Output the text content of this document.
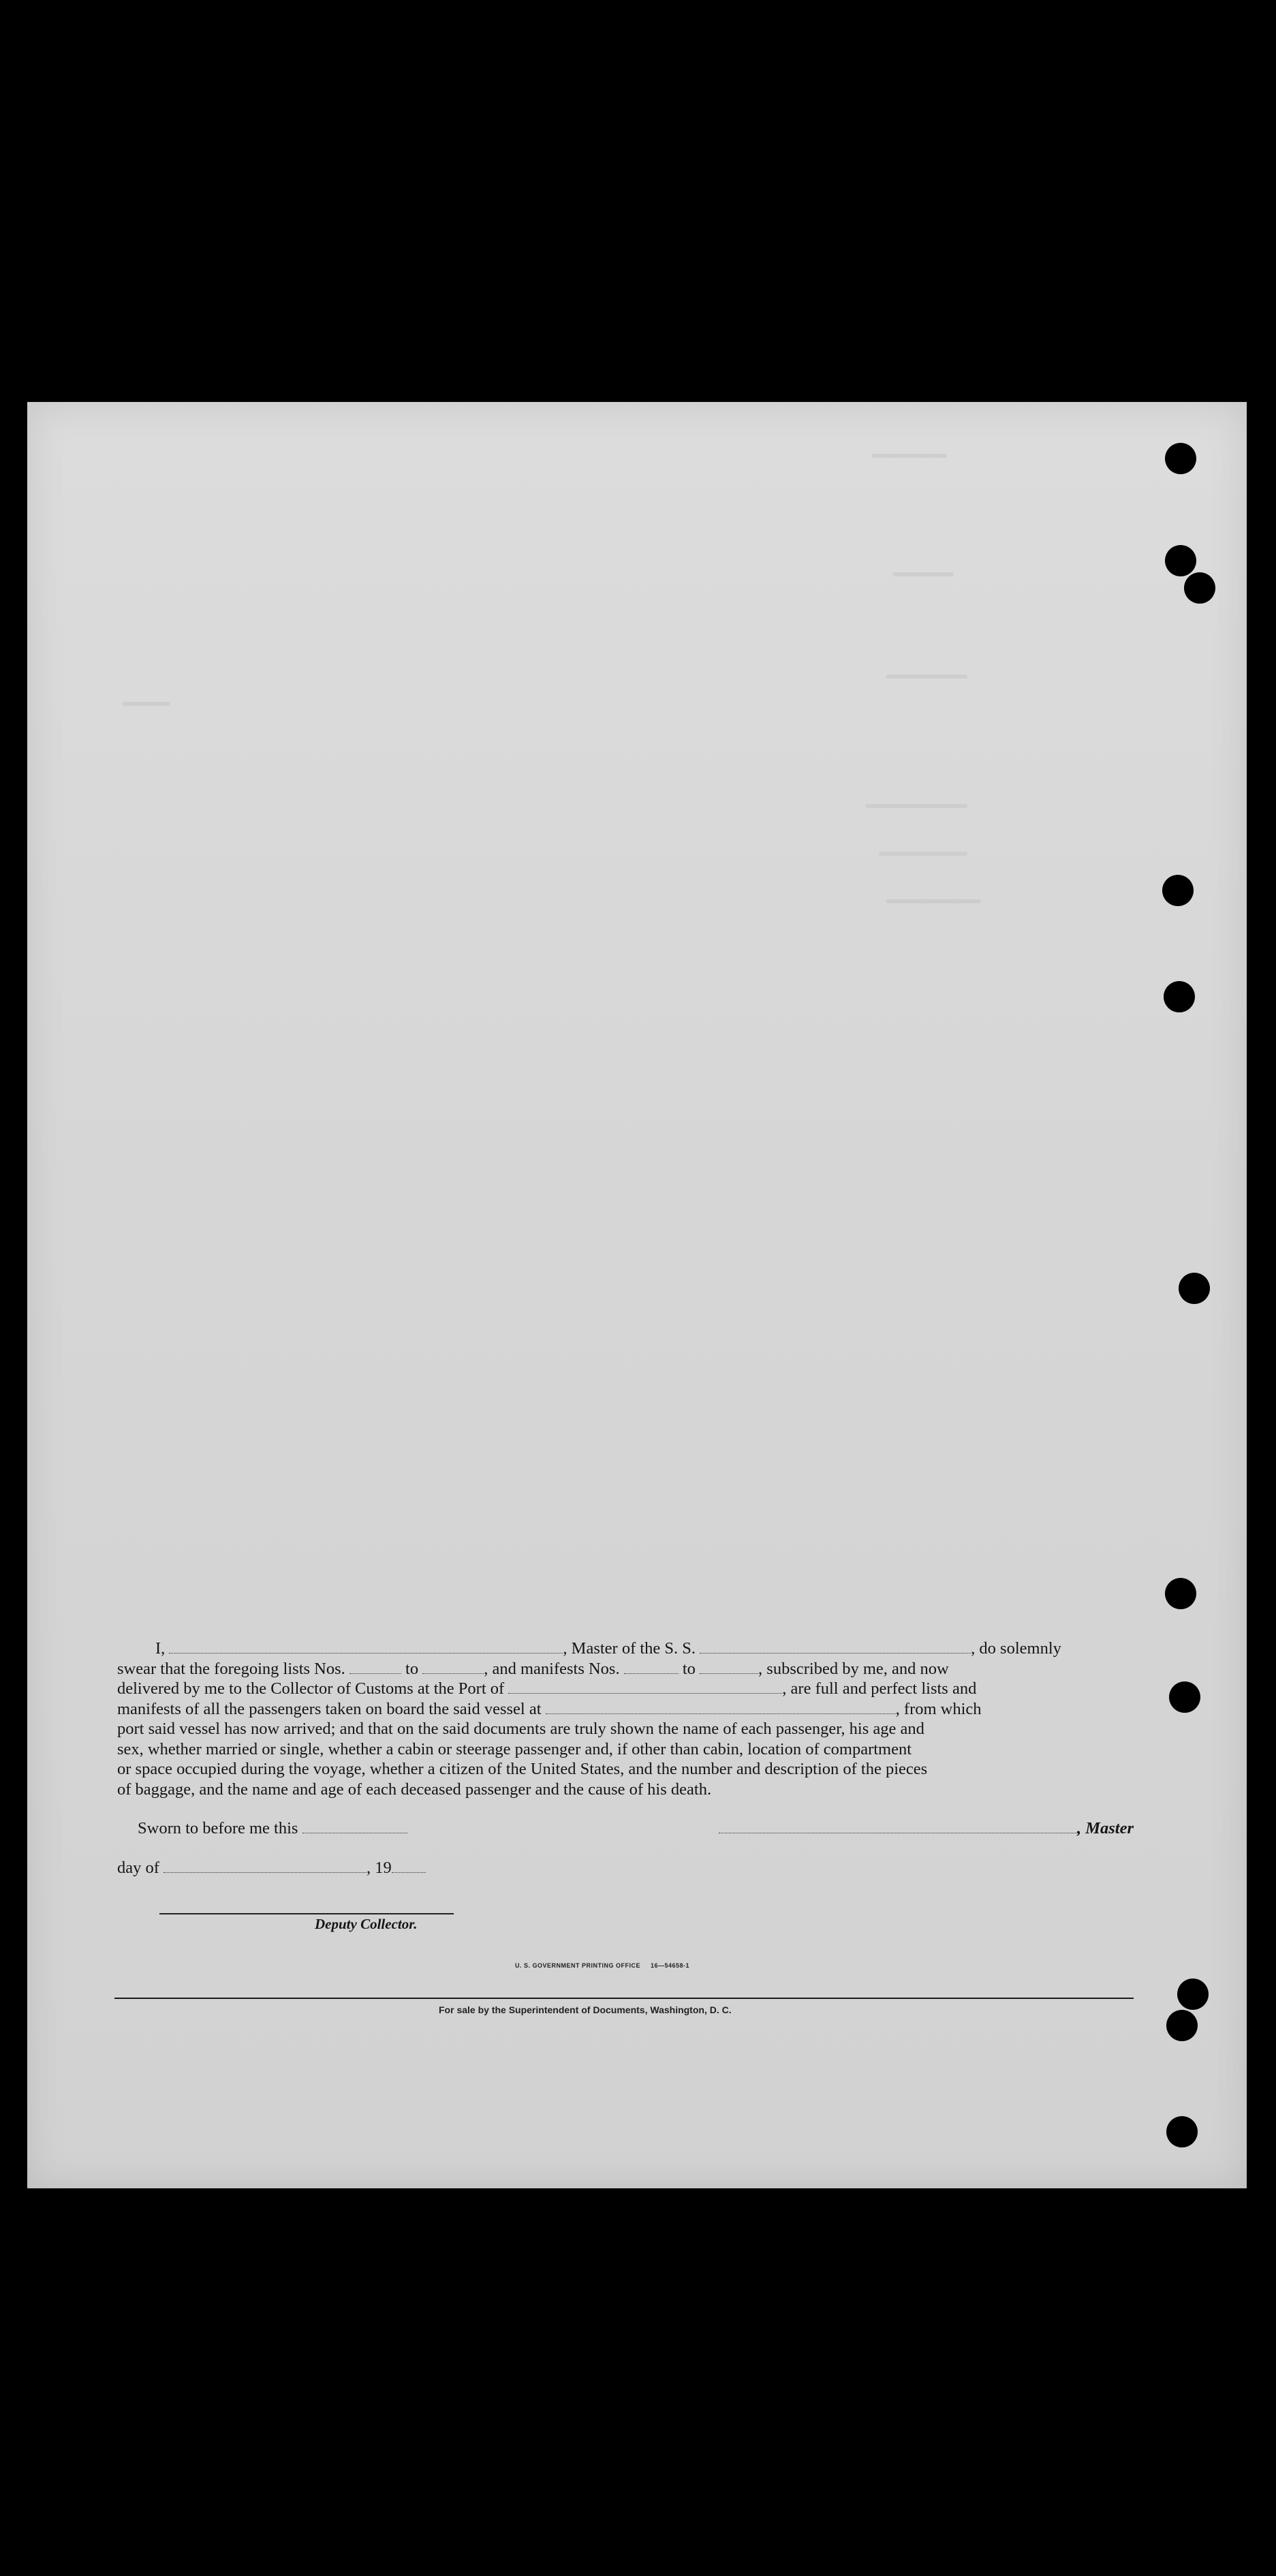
I,	, Master of the S. S.	, do solemnly
swear that the foregoing lists Nos.	to	, and manifests Nos.	to	, subscribed by me, and now
delivered by me to the Collector of Customs at the Port of	, are full and perfect lists and
manifests of all the passengers taken on board the said vessel at	, from which
port said vessel has now arrived; and that on the said documents are truly shown the name of each passenger, his age and
sex, whether married or single, whether a cabin or steerage passenger and, if other than cabin, location of compartment
or space occupied during the voyage, whether a citizen of the United States, and the number and description of the pieces
of baggage, and the name and age of each deceased passenger and the cause of his death.
Sworn to before me this	, Master
day of	, 19
Deputy Collector.
U. S. GOVERNMENT PRINTING OFFICE     16—54658-1
For sale by the Superintendent of Documents, Washington, D. C.
